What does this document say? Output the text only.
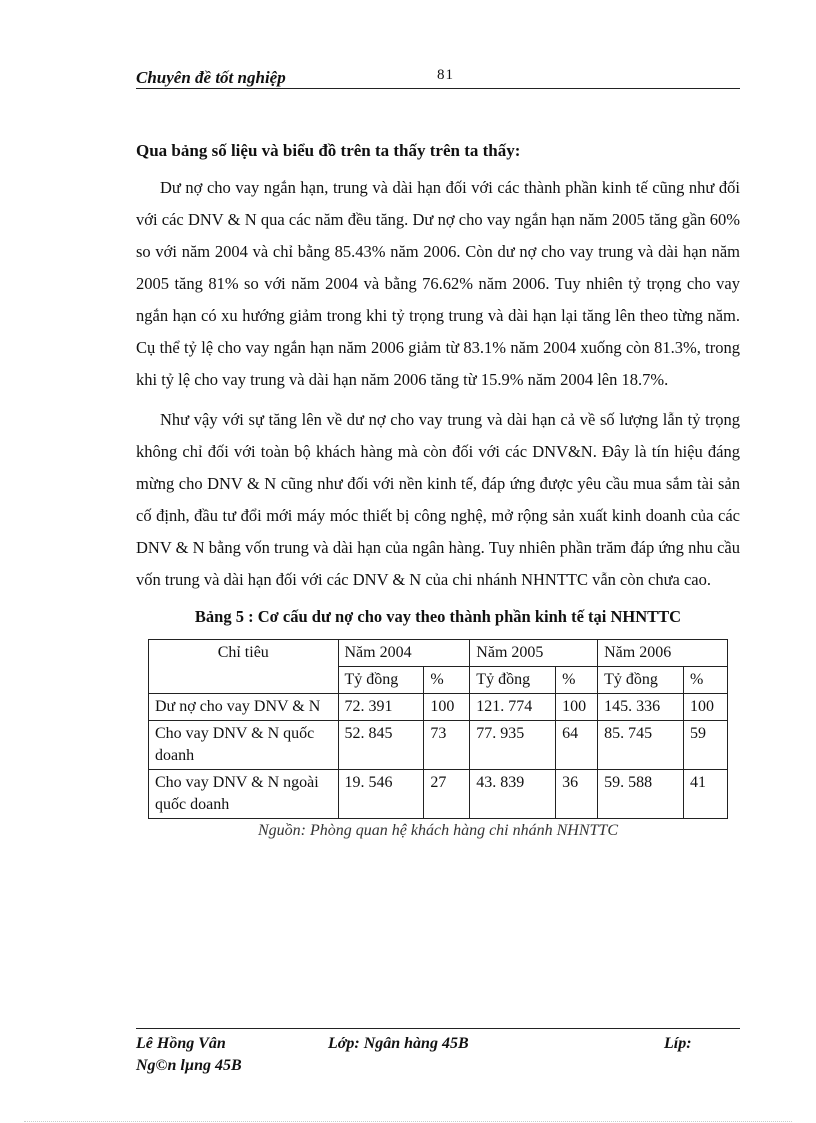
Chuyên đề tốt nghiệp	81

Qua bảng số liệu và biểu đồ trên ta thấy trên ta thấy:

Dư nợ cho vay ngắn hạn, trung và dài hạn đối với các thành phần kinh tế cũng như đối với các DNV & N qua các năm đều tăng. Dư nợ cho vay ngắn hạn năm 2005 tăng gần 60% so với năm 2004 và chỉ bằng 85.43% năm 2006. Còn dư nợ cho vay trung và dài hạn năm 2005 tăng 81% so với năm 2004 và bằng 76.62% năm 2006. Tuy nhiên tỷ trọng cho vay ngắn hạn có xu hướng giảm trong khi tỷ trọng trung và dài hạn lại tăng lên theo từng năm. Cụ thể tỷ lệ cho vay ngắn hạn năm 2006 giảm từ 83.1% năm 2004 xuống còn 81.3%, trong khi tỷ lệ cho vay trung và dài hạn năm 2006 tăng từ 15.9% năm 2004 lên 18.7%.

Như vậy với sự tăng lên về dư nợ cho vay trung và dài hạn cả về số lượng lẫn tỷ trọng không chỉ đối với toàn bộ khách hàng mà còn đối với các DNV&N. Đây là tín hiệu đáng mừng cho DNV & N cũng như đối với nền kinh tế, đáp ứng được yêu cầu mua sắm tài sản cố định, đầu tư đổi mới máy móc thiết bị công nghệ, mở rộng sản xuất kinh doanh của các DNV & N bằng vốn trung và dài hạn của ngân hàng. Tuy nhiên phần trăm đáp ứng nhu cầu vốn trung và dài hạn đối với các DNV & N của chi nhánh NHNTTC vẫn còn chưa cao.

Bảng 5 : Cơ cấu dư nợ cho vay theo thành phần kinh tế tại NHNTTC

Chỉ tiêu	Năm 2004		Năm 2005		Năm 2006	
	Tỷ đồng	%	Tỷ đồng	%	Tỷ đồng	%
Dư nợ cho vay DNV & N	72. 391	100	121. 774	100	145. 336	100
Cho vay DNV & N quốc doanh	52. 845	73	77. 935	64	85. 745	59
Cho vay DNV & N ngoài quốc doanh	19. 546	27	43. 839	36	59. 588	41
Nguồn: Phòng quan hệ khách hàng chi nhánh NHNTTC
Lê Hồng Vân	Lớp: Ngân hàng 45B	Líp:
Ng©n lµng 45B
